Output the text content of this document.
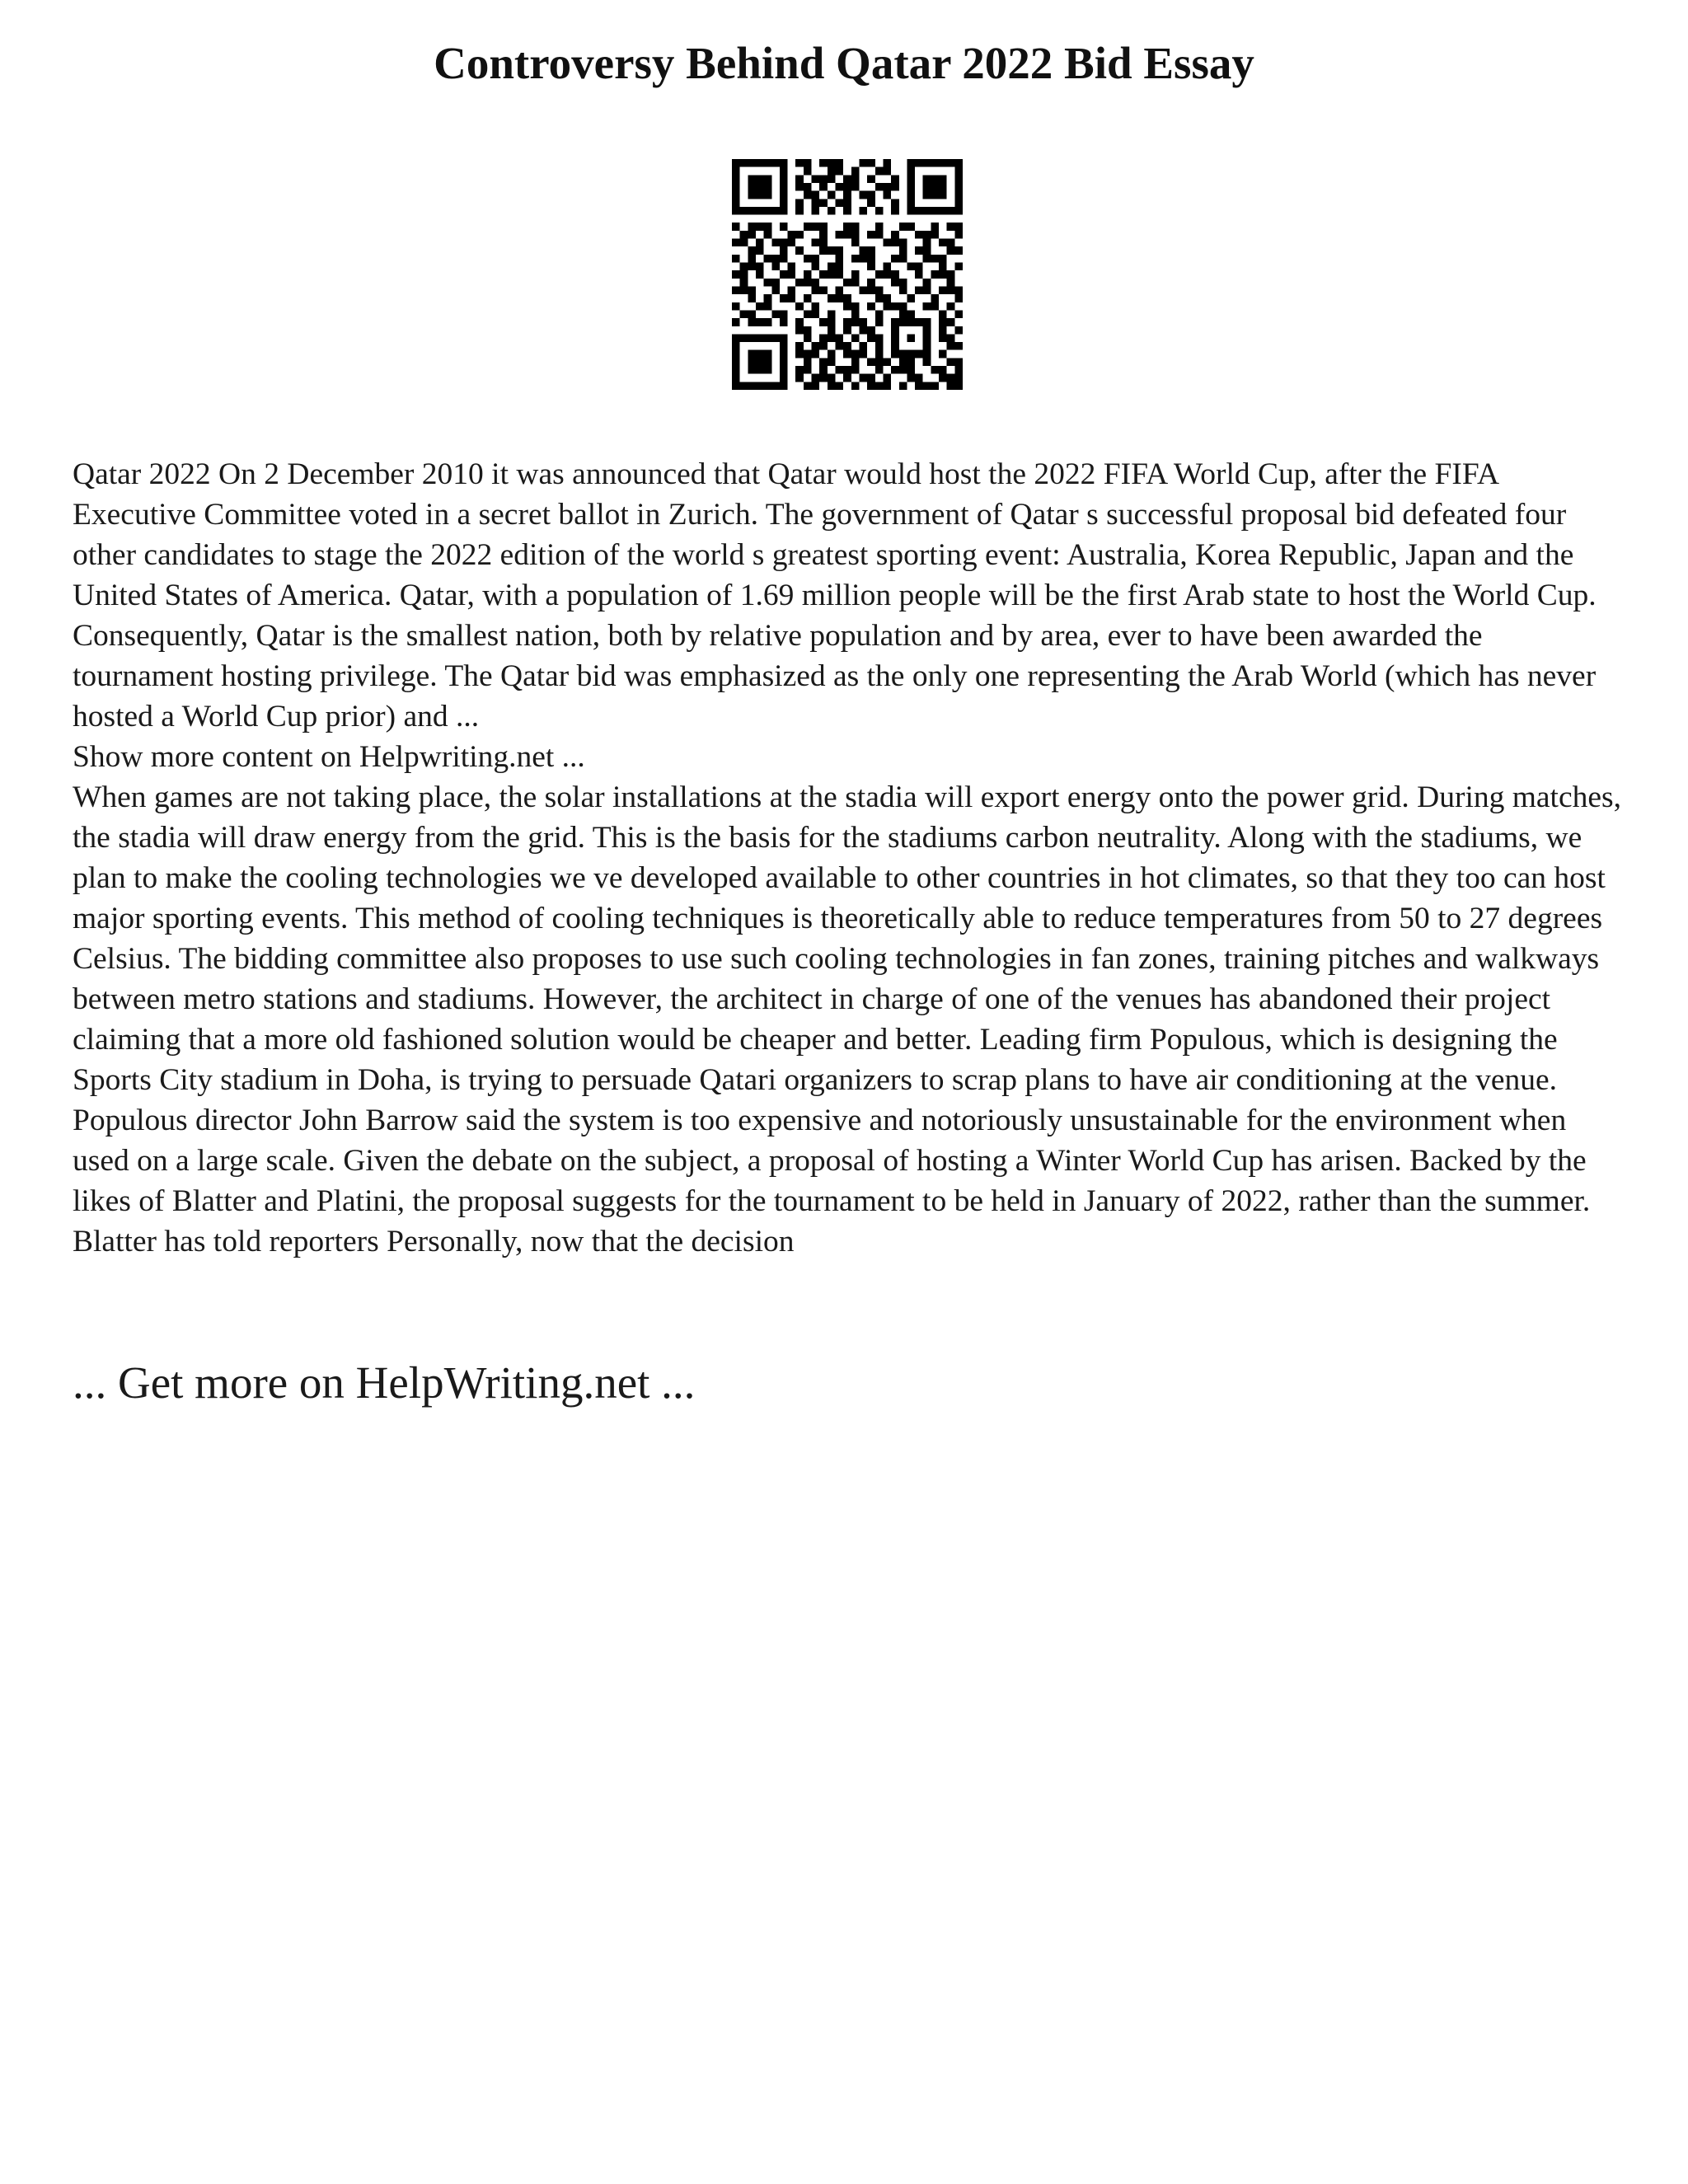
Controversy Behind Qatar 2022 Bid Essay

Qatar 2022 On 2 December 2010 it was announced that Qatar would host the 2022 FIFA World Cup, after the FIFA Executive Committee voted in a secret ballot in Zurich. The government of Qatar s successful proposal bid defeated four other candidates to stage the 2022 edition of the world s greatest sporting event: Australia, Korea Republic, Japan and the United States of America. Qatar, with a population of 1.69 million people will be the first Arab state to host the World Cup. Consequently, Qatar is the smallest nation, both by relative population and by area, ever to have been awarded the tournament hosting privilege. The Qatar bid was emphasized as the only one representing the Arab World (which has never hosted a World Cup prior) and ...
Show more content on Helpwriting.net ...

When games are not taking place, the solar installations at the stadia will export energy onto the power grid. During matches, the stadia will draw energy from the grid. This is the basis for the stadiums carbon neutrality. Along with the stadiums, we plan to make the cooling technologies we ve developed available to other countries in hot climates, so that they too can host major sporting events. This method of cooling techniques is theoretically able to reduce temperatures from 50 to 27 degrees Celsius. The bidding committee also proposes to use such cooling technologies in fan zones, training pitches and walkways between metro stations and stadiums. However, the architect in charge of one of the venues has abandoned their project claiming that a more old fashioned solution would be cheaper and better. Leading firm Populous, which is designing the Sports City stadium in Doha, is trying to persuade Qatari organizers to scrap plans to have air conditioning at the venue. Populous director John Barrow said the system is too expensive and notoriously unsustainable for the environment when used on a large scale. Given the debate on the subject, a proposal of hosting a Winter World Cup has arisen. Backed by the likes of Blatter and Platini, the proposal suggests for the tournament to be held in January of 2022, rather than the summer. Blatter has told reporters Personally, now that the decision

... Get more on HelpWriting.net ...
